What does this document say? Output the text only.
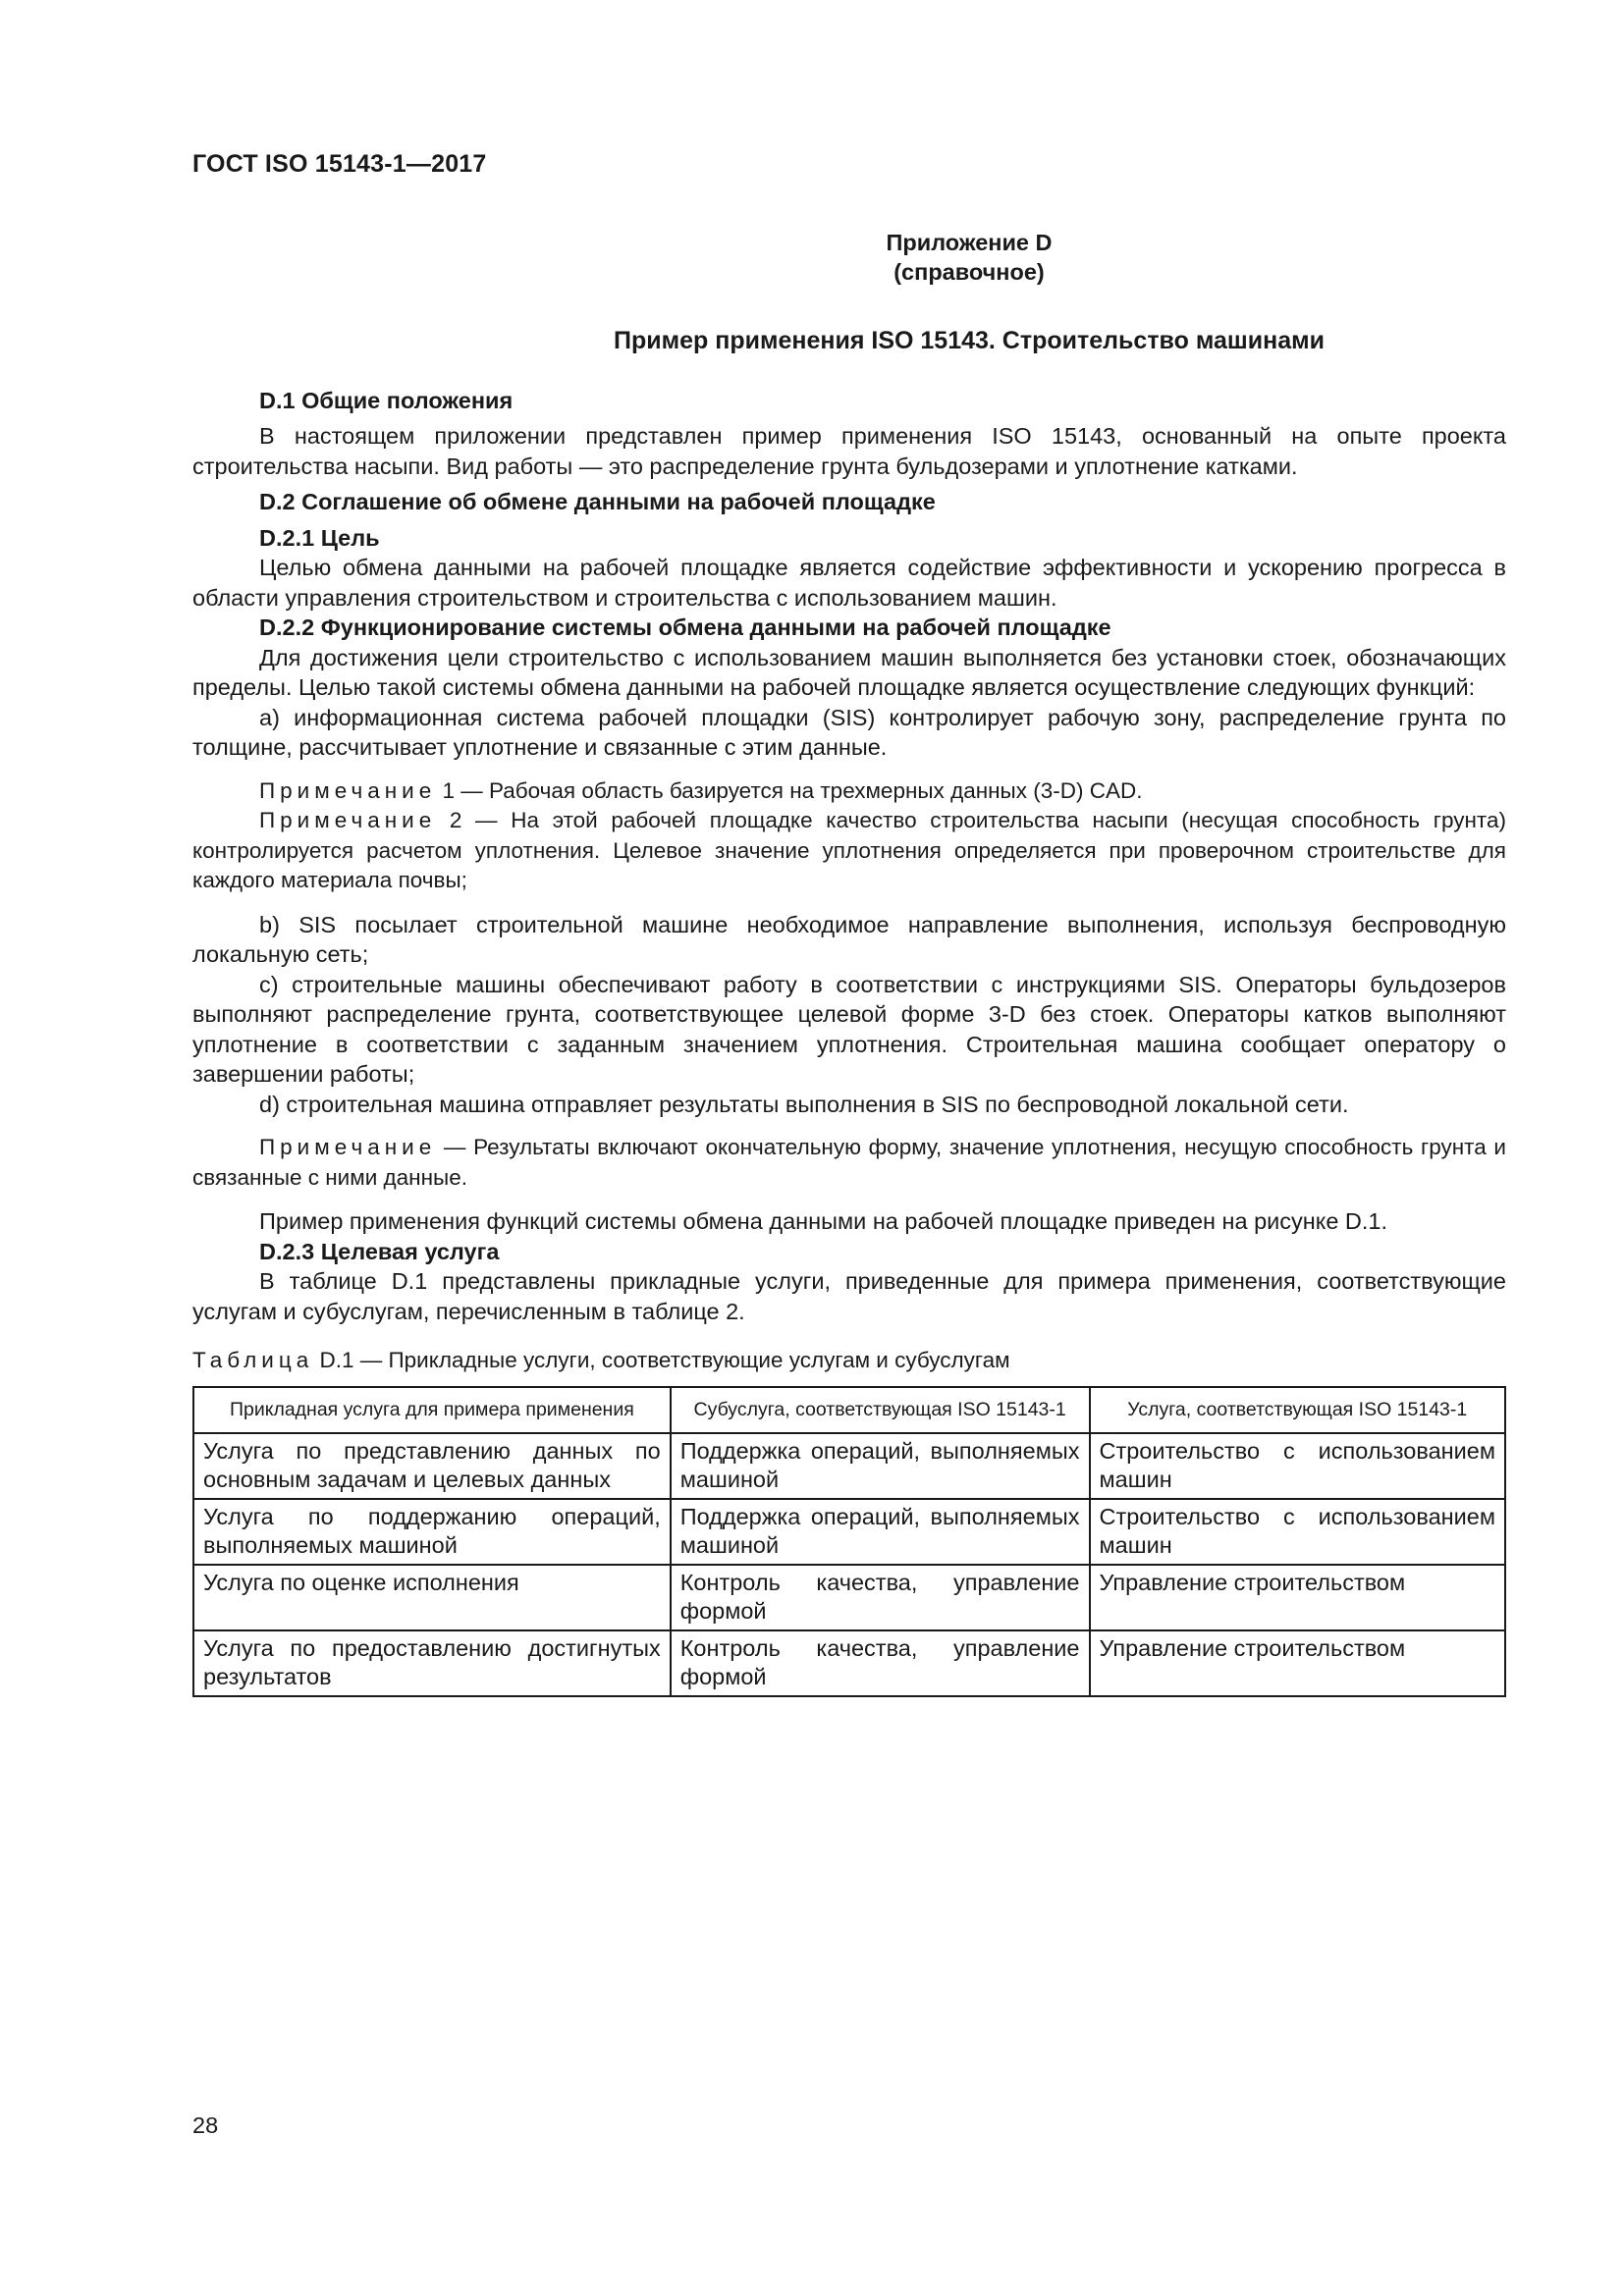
ГОСТ ISO 15143-1—2017
Приложение D
(справочное)
Пример применения ISO 15143. Строительство машинами

D.1 Общие положения

В настоящем приложении представлен пример применения ISO 15143, основанный на опыте проекта строительства насыпи. Вид работы — это распределение грунта бульдозерами и уплотнение катками.

D.2 Соглашение об обмене данными на рабочей площадке

D.2.1 Цель

Целью обмена данными на рабочей площадке является содействие эффективности и ускорению прогресса в области управления строительством и строительства с использованием машин.

D.2.2 Функционирование системы обмена данными на рабочей площадке

Для достижения цели строительство с использованием машин выполняется без установки стоек, обозначающих пределы. Целью такой системы обмена данными на рабочей площадке является осуществление следующих функций:

a) информационная система рабочей площадки (SIS) контролирует рабочую зону, распределение грунта по толщине, рассчитывает уплотнение и связанные с этим данные.

Примечание 1 — Рабочая область базируется на трехмерных данных (3-D) CAD.

Примечание 2 — На этой рабочей площадке качество строительства насыпи (несущая способность грунта) контролируется расчетом уплотнения. Целевое значение уплотнения определяется при проверочном строительстве для каждого материала почвы;

b) SIS посылает строительной машине необходимое направление выполнения, используя беспроводную локальную сеть;

c) строительные машины обеспечивают работу в соответствии с инструкциями SIS. Операторы бульдозеров выполняют распределение грунта, соответствующее целевой форме 3-D без стоек. Операторы катков выполняют уплотнение в соответствии с заданным значением уплотнения. Строительная машина сообщает оператору о завершении работы;

d) строительная машина отправляет результаты выполнения в SIS по беспроводной локальной сети.

Примечание — Результаты включают окончательную форму, значение уплотнения, несущую способность грунта и связанные с ними данные.

Пример применения функций системы обмена данными на рабочей площадке приведен на рисунке D.1.

D.2.3 Целевая услуга

В таблице D.1 представлены прикладные услуги, приведенные для примера применения, соответствующие услугам и субуслугам, перечисленным в таблице 2.

Таблица D.1 — Прикладные услуги, соответствующие услугам и субуслугам

Прикладная услуга для примера применения	Субуслуга, соответствующая ISO 15143-1	Услуга, соответствующая ISO 15143-1
Услуга по представлению данных по основным задачам и целевых данных	Поддержка операций, выполняемых машиной	Строительство с использованием машин
Услуга по поддержанию операций, выполняемых машиной	Поддержка операций, выполняемых машиной	Строительство с использованием машин
Услуга по оценке исполнения	Контроль качества, управление формой	Управление строительством
Услуга по предоставлению достигнутых результатов	Контроль качества, управление формой	Управление строительством
28
